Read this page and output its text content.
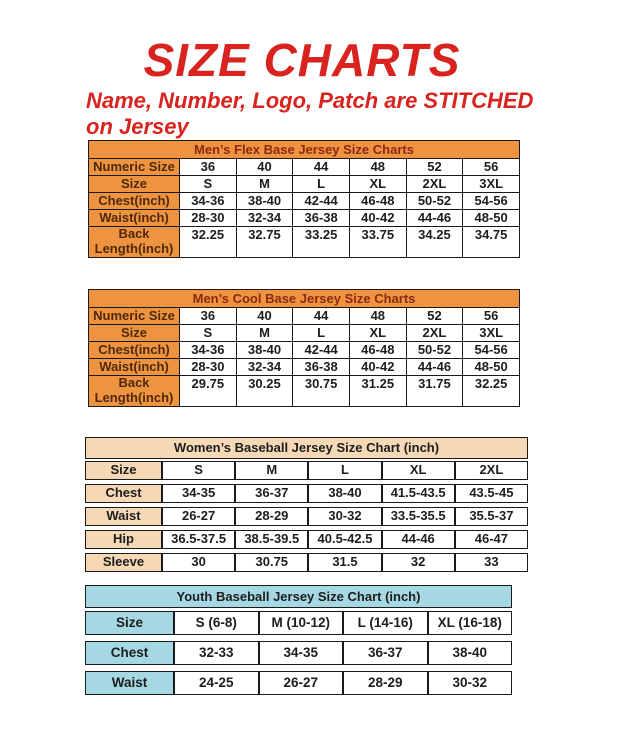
SIZE CHARTS

Name, Number, Logo, Patch are STITCHED
on Jersey

Men’s Flex Base Jersey Size Charts
Numeric Size	36	40	44	48	52	56
Size	S	M	L	XL	2XL	3XL
Chest(inch)	34-36	38-40	42-44	46-48	50-52	54-56
Waist(inch)	28-30	32-34	36-38	40-42	44-46	48-50
Back Length(inch)	32.25	32.75	33.25	33.75	34.25	34.75
Men’s Cool Base Jersey Size Charts
Numeric Size	36	40	44	48	52	56
Size	S	M	L	XL	2XL	3XL
Chest(inch)	34-36	38-40	42-44	46-48	50-52	54-56
Waist(inch)	28-30	32-34	36-38	40-42	44-46	48-50
Back Length(inch)	29.75	30.25	30.75	31.25	31.75	32.25
Women’s Baseball Jersey Size Chart (inch)
Size	S	M	L	XL	2XL
Chest	34-35	36-37	38-40	41.5-43.5	43.5-45
Waist	26-27	28-29	30-32	33.5-35.5	35.5-37
Hip	36.5-37.5	38.5-39.5	40.5-42.5	44-46	46-47
Sleeve	30	30.75	31.5	32	33
Youth Baseball Jersey Size Chart (inch)
Size	S (6-8)	M (10-12)	L (14-16)	XL (16-18)
Chest	32-33	34-35	36-37	38-40
Waist	24-25	26-27	28-29	30-32
